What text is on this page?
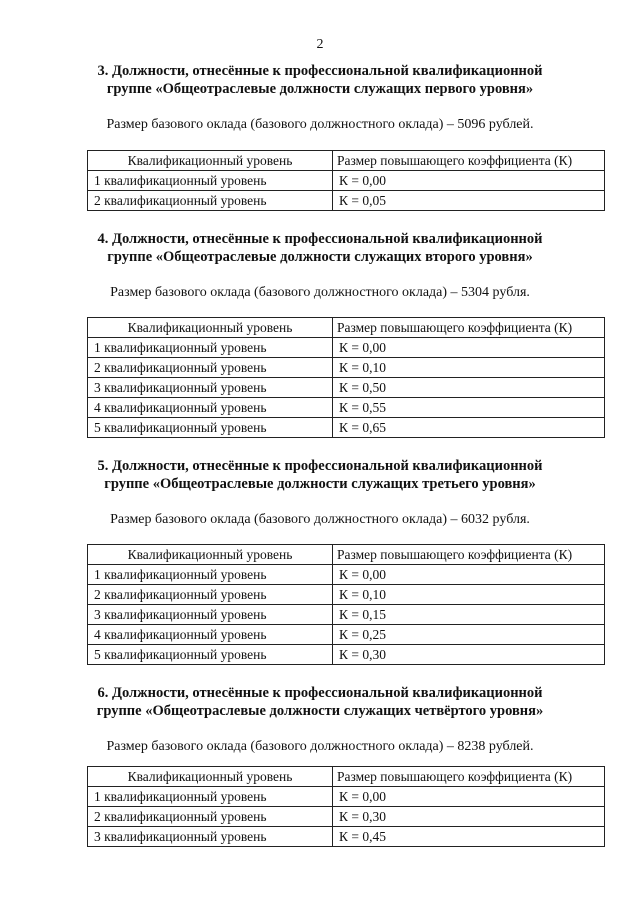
2

3. Должности, отнесённые к профессиональной квалификационной
группе «Общеотраслевые должности служащих первого уровня»

Размер базового оклада (базового должностного оклада) – 5096 рублей.
Квалификационный уровень	Размер повышающего коэффициента (К)
1 квалификационный уровень	К = 0,00
2 квалификационный уровень	К = 0,05

4. Должности, отнесённые к профессиональной квалификационной
группе «Общеотраслевые должности служащих второго уровня»

Размер базового оклада (базового должностного оклада) – 5304 рубля.
Квалификационный уровень	Размер повышающего коэффициента (К)
1 квалификационный уровень	К = 0,00
2 квалификационный уровень	К = 0,10
3 квалификационный уровень	К = 0,50
4 квалификационный уровень	К = 0,55
5 квалификационный уровень	К = 0,65

5. Должности, отнесённые к профессиональной квалификационной
группе «Общеотраслевые должности служащих третьего уровня»

Размер базового оклада (базового должностного оклада) – 6032 рубля.
Квалификационный уровень	Размер повышающего коэффициента (К)
1 квалификационный уровень	К = 0,00
2 квалификационный уровень	К = 0,10
3 квалификационный уровень	К = 0,15
4 квалификационный уровень	К = 0,25
5 квалификационный уровень	К = 0,30

6. Должности, отнесённые к профессиональной квалификационной
группе «Общеотраслевые должности служащих четвёртого уровня»

Размер базового оклада (базового должностного оклада) – 8238 рублей.
Квалификационный уровень	Размер повышающего коэффициента (К)
1 квалификационный уровень	К = 0,00
2 квалификационный уровень	К = 0,30
3 квалификационный уровень	К = 0,45
